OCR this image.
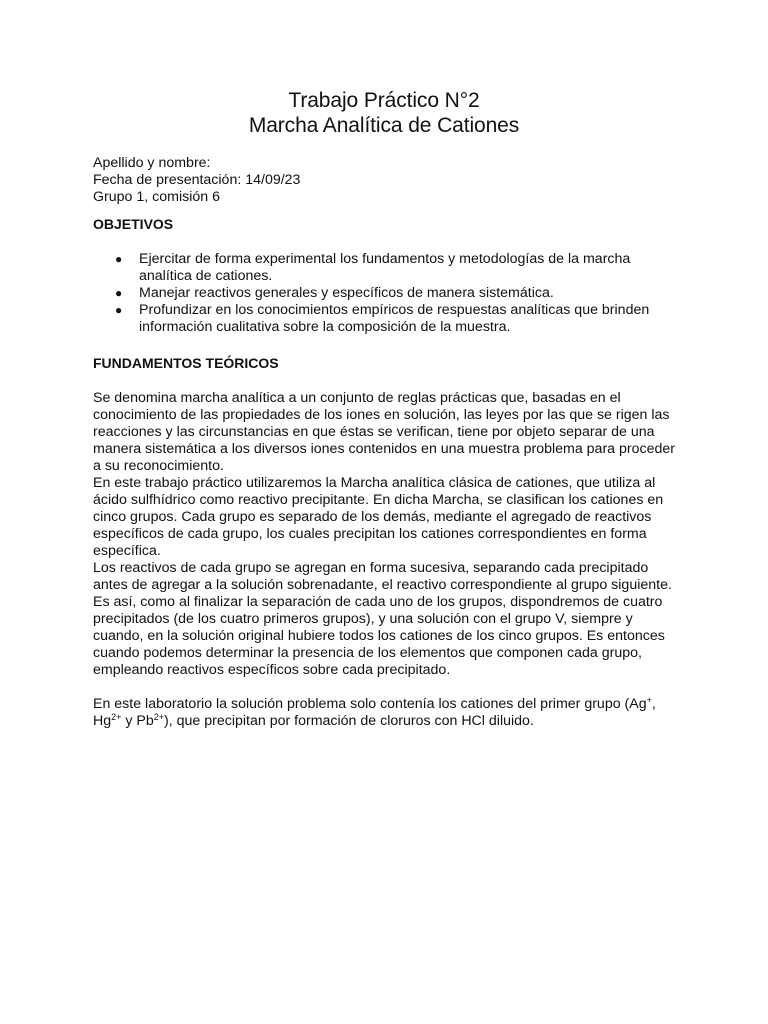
Trabajo Práctico N°2
Marcha Analítica de Cationes
Apellido y nombre:
Fecha de presentación: 14/09/23
Grupo 1, comisión 6
OBJETIVOS
● Ejercitar de forma experimental los fundamentos y metodologías de la marcha analítica de cationes.
● Manejar reactivos generales y específicos de manera sistemática.
● Profundizar en los conocimientos empíricos de respuestas analíticas que brinden información cualitativa sobre la composición de la muestra.
FUNDAMENTOS TEÓRICOS

Se denomina marcha analítica a un conjunto de reglas prácticas que, basadas en el conocimiento de las propiedades de los iones en solución, las leyes por las que se rigen las reacciones y las circunstancias en que éstas se verifican, tiene por objeto separar de una manera sistemática a los diversos iones contenidos en una muestra problema para proceder a su reconocimiento.

En este trabajo práctico utilizaremos la Marcha analítica clásica de cationes, que utiliza al ácido sulfhídrico como reactivo precipitante. En dicha Marcha, se clasifican los cationes en cinco grupos. Cada grupo es separado de los demás, mediante el agregado de reactivos específicos de cada grupo, los cuales precipitan los cationes correspondientes en forma específica.

Los reactivos de cada grupo se agregan en forma sucesiva, separando cada precipitado antes de agregar a la solución sobrenadante, el reactivo correspondiente al grupo siguiente. Es así, como al finalizar la separación de cada uno de los grupos, dispondremos de cuatro precipitados (de los cuatro primeros grupos), y una solución con el grupo V, siempre y cuando, en la solución original hubiere todos los cationes de los cinco grupos. Es entonces cuando podemos determinar la presencia de los elementos que componen cada grupo, empleando reactivos específicos sobre cada precipitado.

En este laboratorio la solución problema solo contenía los cationes del primer grupo (Ag+, $Hg^{2+}$ y $Pb^{2+}$), que precipitan por formación de cloruros con HCl diluido.
